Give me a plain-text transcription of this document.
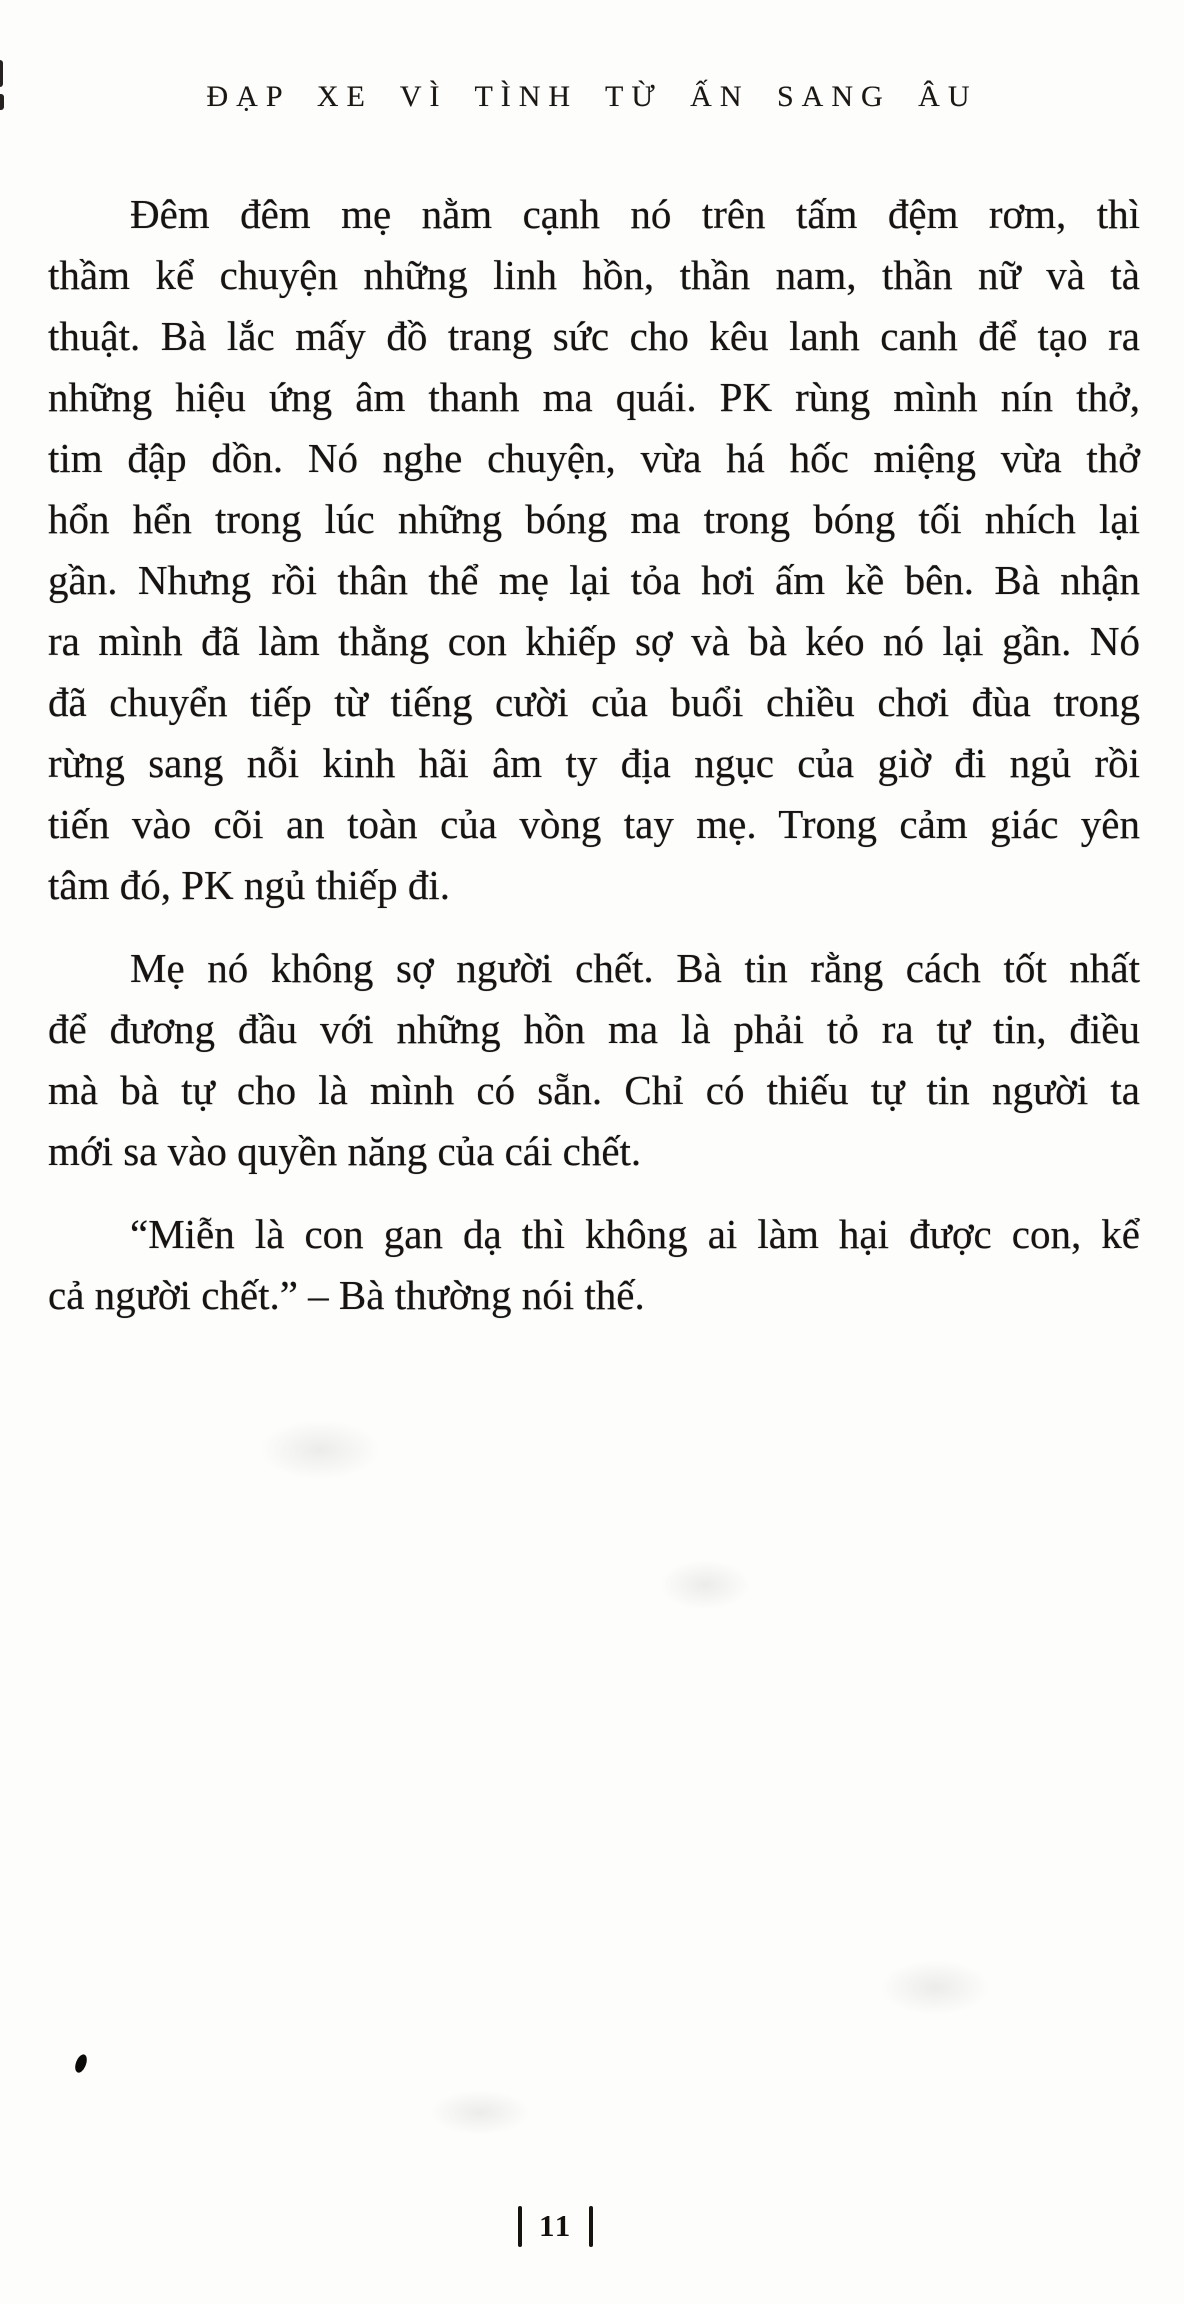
ĐẠP XE VÌ TÌNH TỪ ẤN SANG ÂU
Đêm đêm mẹ nằm cạnh nó trên tấm đệm rơm, thì
thầm kể chuyện những linh hồn, thần nam, thần nữ và tà
thuật. Bà lắc mấy đồ trang sức cho kêu lanh canh để tạo ra
những hiệu ứng âm thanh ma quái. PK rùng mình nín thở,
tim đập dồn. Nó nghe chuyện, vừa há hốc miệng vừa thở
hổn hển trong lúc những bóng ma trong bóng tối nhích lại
gần. Nhưng rồi thân thể mẹ lại tỏa hơi ấm kề bên. Bà nhận
ra mình đã làm thằng con khiếp sợ và bà kéo nó lại gần. Nó
đã chuyển tiếp từ tiếng cười của buổi chiều chơi đùa trong
rừng sang nỗi kinh hãi âm ty địa ngục của giờ đi ngủ rồi
tiến vào cõi an toàn của vòng tay mẹ. Trong cảm giác yên
tâm đó, PK ngủ thiếp đi.
Mẹ nó không sợ người chết. Bà tin rằng cách tốt nhất
để đương đầu với những hồn ma là phải tỏ ra tự tin, điều
mà bà tự cho là mình có sẵn. Chỉ có thiếu tự tin người ta
mới sa vào quyền năng của cái chết.
“Miễn là con gan dạ thì không ai làm hại được con, kể
cả người chết.” – Bà thường nói thế.
11
